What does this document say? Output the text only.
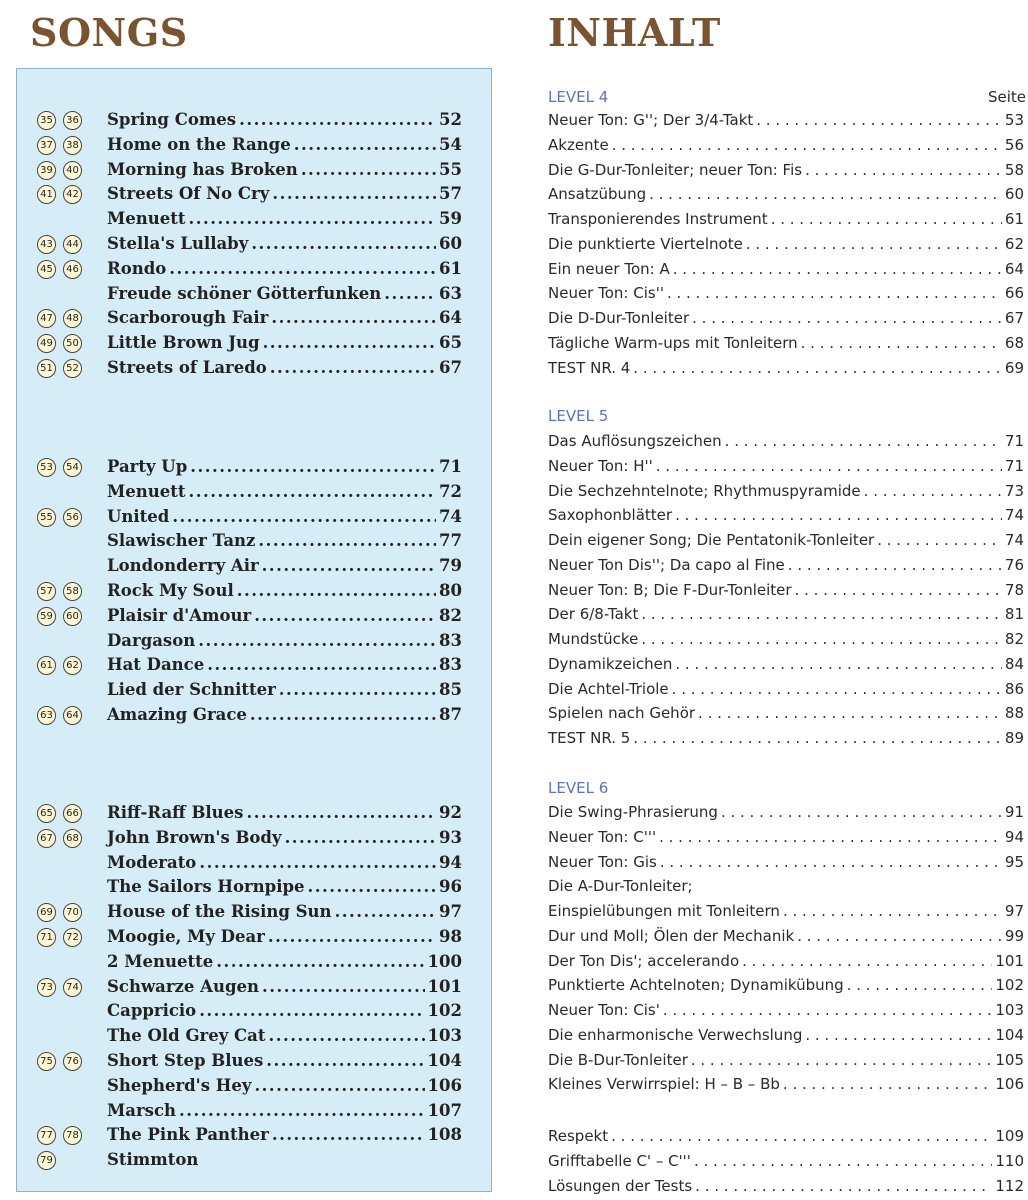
SONGS	INHALT
35	36 Spring Comes .....	52
37	38 Home on the Range .....	54
39	40 Morning has Broken .....	55
41	42 Streets Of No Cry .....	57
Menuett .....	59
43	44 Stella's Lullaby .....	60
45	46 Rondo .....	61
Freude schöner Götterfunken .....	63
47	48 Scarborough Fair .....	64
49	50 Little Brown Jug .....	65
51	52 Streets of Laredo .....	67
53	54 Party Up .....	71
Menuett .....	72
55	56 United .....	74
Slawischer Tanz .....	77
Londonderry Air .....	79
57	58 Rock My Soul .....	80
59	60 Plaisir d'Amour .....	82
Dargason .....	83
61	62 Hat Dance .....	83
Lied der Schnitter .....	85
63	64 Amazing Grace .....	87
65	66 Riff-Raff Blues .....	92
67	68 John Brown's Body .....	93
Moderato .....	94
The Sailors Hornpipe .....	96
69	70 House of the Rising Sun .....	97
71	72 Moogie, My Dear .....	98
2 Menuette .....	100
73	74 Schwarze Augen .....	101
Cappricio .....	102
The Old Grey Cat .....	103
75	76 Short Step Blues .....	104
Shepherd's Hey .....	106
Marsch .....	107
77	78 The Pink Panther .....	108
79	Stimmton
Seite
LEVEL 4
Neuer Ton: G''; Der 3/4-Takt . . .	53
Akzente . . .	56
Die G-Dur-Tonleiter; neuer Ton: Fis . . .	58
Ansatzübung . . .	60
Transponierendes Instrument . . .	61
Die punktierte Viertelnote . . .	62
Ein neuer Ton: A . . .	64
Neuer Ton: Cis'' . . .	66
Die D-Dur-Tonleiter . . .	67
Tägliche Warm-ups mit Tonleitern . . .	68
TEST NR. 4 . . .	69
LEVEL 5
Das Auflösungszeichen . . .	71
Neuer Ton: H'' . . .	71
Die Sechzehntelnote; Rhythmuspyramide . . .	73
Saxophonblätter . . .	74
Dein eigener Song; Die Pentatonik-Tonleiter . . .	74
Neuer Ton Dis''; Da capo al Fine . . .	76
Neuer Ton: B; Die F-Dur-Tonleiter . . .	78
Der 6/8-Takt . . .	81
Mundstücke . . .	82
Dynamikzeichen . . .	84
Die Achtel-Triole . . .	86
Spielen nach Gehör . . .	88
TEST NR. 5 . . .	89
LEVEL 6
Die Swing-Phrasierung . . .	91
Neuer Ton: C''' . . .	94
Neuer Ton: Gis . . .	95
Die A-Dur-Tonleiter;
Einspielübungen mit Tonleitern . . .	97
Dur und Moll; Ölen der Mechanik . . .	99
Der Ton Dis'; accelerando . . .	101
Punktierte Achtelnoten; Dynamikübung . . .	102
Neuer Ton: Cis' . . .	103
Die enharmonische Verwechslung . . .	104
Die B-Dur-Tonleiter . . .	105
Kleines Verwirrspiel: H – B – Bb . . .	106
Respekt . . .	109
Grifftabelle C' – C''' . . .	110
Lösungen der Tests . . .	112
